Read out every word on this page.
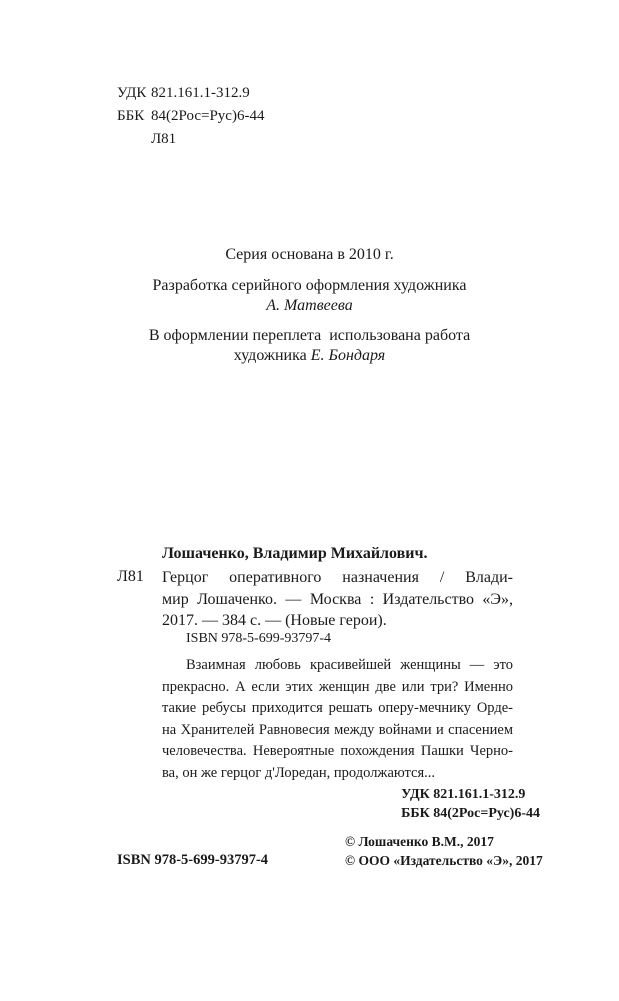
УДК 821.161.1-312.9
ББК 84(2Рос=Рус)6-44
Л81
Серия основана в 2010 г.
Разработка серийного оформления художника
А. Матвеева
В оформлении переплета  использована работа
художника Е. Бондаря
Лошаченко, Владимир Михайлович.
Л81 Герцог оперативного назначения / Влади-
мир Лошаченко. — Москва : Издательство «Э»,
2017. — 384 с. — (Новые герои).
ISBN 978-5-699-93797-4
Взаимная любовь красивейшей женщины — это
прекрасно. А если этих женщин две или три? Именно
такие ребусы приходится решать оперу-мечнику Орде-
на Хранителей Равновесия между войнами и спасением
человечества. Невероятные похождения Пашки Черно-
ва, он же герцог д'Лоредан, продолжаются...
УДК 821.161.1-312.9
ББК 84(2Рос=Рус)6-44
ISBN 978-5-699-93797-4
© Лошаченко В.М., 2017
© ООО «Издательство «Э», 2017
